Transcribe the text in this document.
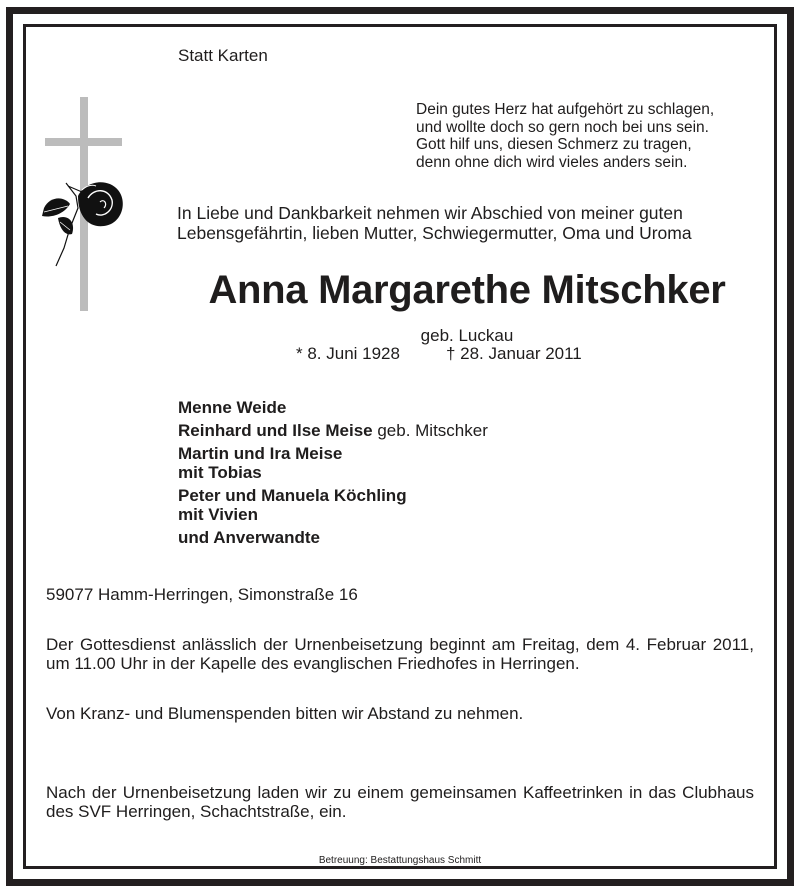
Statt Karten
Dein gutes Herz hat aufgehört zu schlagen,
und wollte doch so gern noch bei uns sein.
Gott hilf uns, diesen Schmerz zu tragen,
denn ohne dich wird vieles anders sein.
In Liebe und Dankbarkeit nehmen wir Abschied von meiner guten
Lebensgefährtin, lieben Mutter, Schwiegermutter, Oma und Uroma
Anna Margarethe Mitschker
geb. Luckau
* 8. Juni 1928	† 28. Januar 2011
Menne Weide
Reinhard und Ilse Meise geb. Mitschker
Martin und Ira Meise
mit Tobias
Peter und Manuela Köchling
mit Vivien
und Anverwandte
59077 Hamm-Herringen, Simonstraße 16
Der Gottesdienst anlässlich der Urnenbeisetzung beginnt am Freitag, dem 4. Februar 2011, um 11.00 Uhr in der Kapelle des evanglischen Friedhofes in Herringen.
Von Kranz- und Blumenspenden bitten wir Abstand zu nehmen.
Nach der Urnenbeisetzung laden wir zu einem gemeinsamen Kaffeetrinken in das Clubhaus des SVF Herringen, Schachtstraße, ein.
Betreuung: Bestattungshaus Schmitt
